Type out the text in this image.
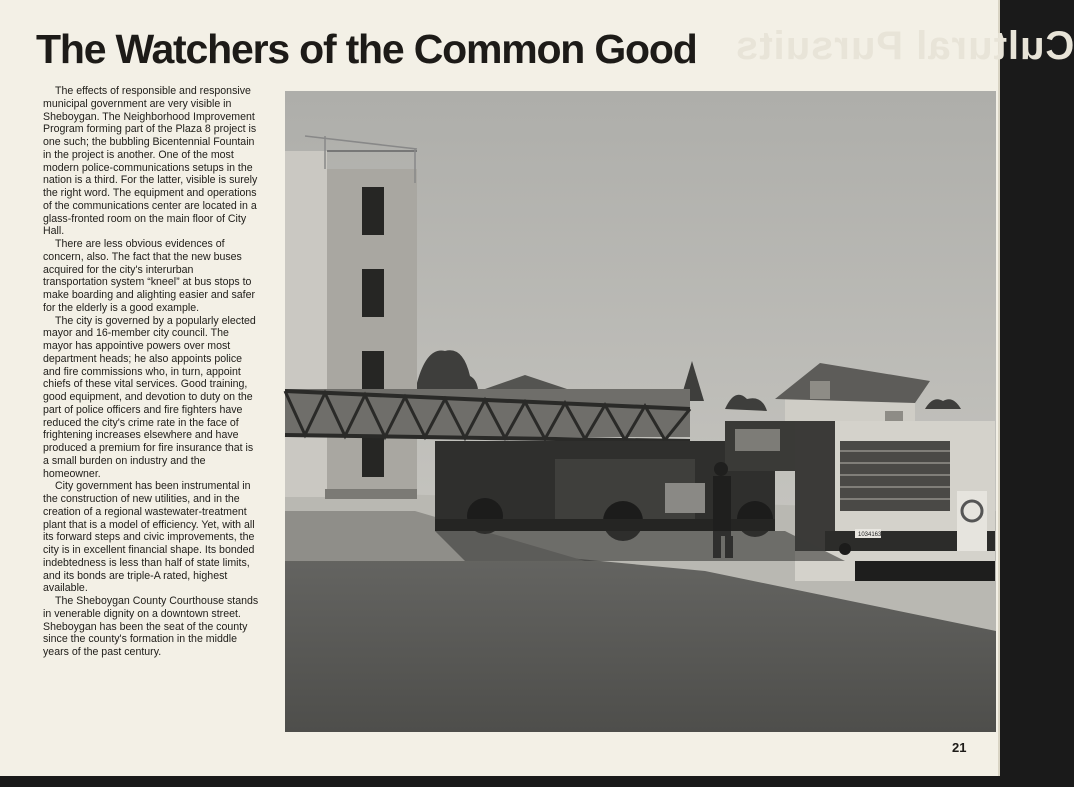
Cultural Pursuits
The Watchers of the Common Good

The effects of responsible and responsive municipal government are very visible in Sheboygan. The Neighborhood Improvement Program forming part of the Plaza 8 project is one such; the bubbling Bicentennial Fountain in the project is another. One of the most modern police-communications setups in the nation is a third. For the latter, visible is surely the right word. The equipment and operations of the communications center are located in a glass-fronted room on the main floor of City Hall.

There are less obvious evidences of concern, also. The fact that the new buses acquired for the city's interurban transportation system “kneel” at bus stops to make boarding and alighting easier and safer for the elderly is a good example.

The city is governed by a popularly elected mayor and 16-member city council. The mayor has appointive powers over most department heads; he also appoints police and fire commissions who, in turn, appoint chiefs of these vital services. Good training, good equipment, and devotion to duty on the part of police officers and fire fighters have reduced the city's crime rate in the face of frightening increases elsewhere and have produced a premium for fire insurance that is a small burden on industry and the homeowner.

City government has been instrumental in the construction of new utilities, and in the creation of a regional wastewater-treatment plant that is a model of efficiency. Yet, with all its forward steps and civic improvements, the city is in excellent financial shape. Its bonded indebtedness is less than half of state limits, and its bonds are triple-A rated, highest available.

The Sheboygan County Courthouse stands in venerable dignity on a downtown street. Sheboygan has been the seat of the county since the county's formation in the middle years of the past century.

1034163
21
